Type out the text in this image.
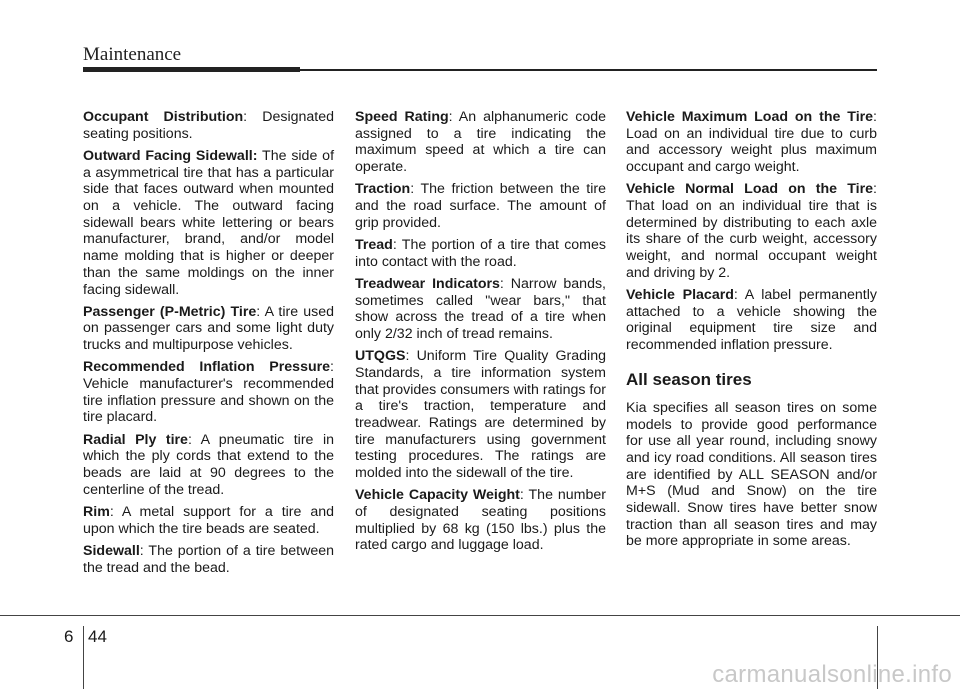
Maintenance

Occupant Distribution: Designated seating positions.

Outward Facing Sidewall: The side of a asymmetrical tire that has a particular side that faces outward when mounted on a vehicle. The outward facing sidewall bears white lettering or bears manufacturer, brand, and/or model name molding that is higher or deeper than the same moldings on the inner facing sidewall.

Passenger (P-Metric) Tire: A tire used on passenger cars and some light duty trucks and multipurpose vehicles.

Recommended Inflation Pressure: Vehicle manufacturer's recommended tire inflation pressure and shown on the tire placard.

Radial Ply tire: A pneumatic tire in which the ply cords that extend to the beads are laid at 90 degrees to the centerline of the tread.

Rim: A metal support for a tire and upon which the tire beads are seated.

Sidewall: The portion of a tire between the tread and the bead.

Speed Rating: An alphanumeric code assigned to a tire indicating the maximum speed at which a tire can operate.

Traction: The friction between the tire and the road surface. The amount of grip provided.

Tread: The portion of a tire that comes into contact with the road.

Treadwear Indicators: Narrow bands, sometimes called "wear bars," that show across the tread of a tire when only 2/32 inch of tread remains.

UTQGS: Uniform Tire Quality Grading Standards, a tire information system that provides consumers with ratings for a tire's traction, temperature and treadwear. Ratings are determined by tire manufacturers using government testing procedures. The ratings are molded into the sidewall of the tire.

Vehicle Capacity Weight: The number of designated seating positions multiplied by 68 kg (150 lbs.) plus the rated cargo and luggage load.

Vehicle Maximum Load on the Tire: Load on an individual tire due to curb and accessory weight plus maximum occupant and cargo weight.

Vehicle Normal Load on the Tire: That load on an individual tire that is determined by distributing to each axle its share of the curb weight, accessory weight, and normal occupant weight and driving by 2.

Vehicle Placard: A label permanently attached to a vehicle showing the original equipment tire size and recommended inflation pressure.

All season tires

Kia specifies all season tires on some models to provide good performance for use all year round, including snowy and icy road conditions. All season tires are identified by ALL SEASON and/or M+S (Mud and Snow) on the tire sidewall. Snow tires have better snow traction than all season tires and may be more appropriate in some areas.

6 44
carmanualsonline.info
